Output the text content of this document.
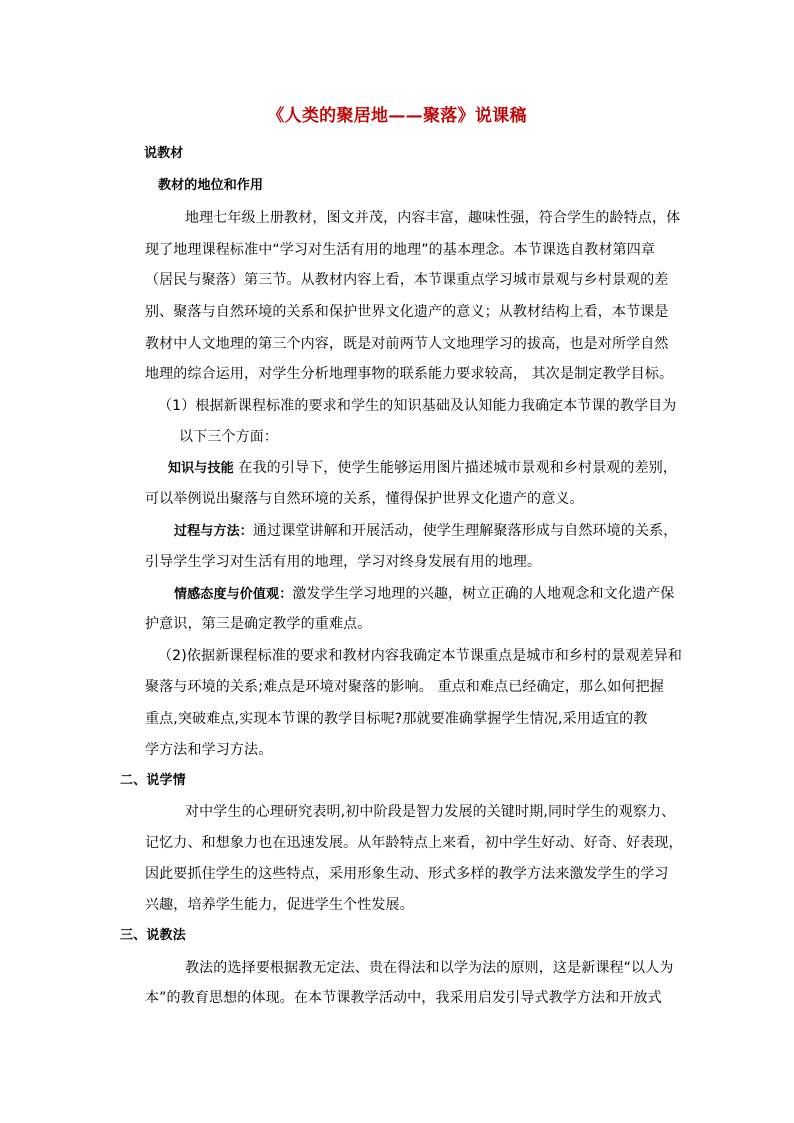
《人类的聚居地——聚落》说课稿
说教材
教材的地位和作用
地理七年级上册教材，图文并茂，内容丰富，趣味性强，符合学生的龄特点，体
现了地理课程标准中“学习对生活有用的地理”的基本理念。本节课选自教材第四章
（居民与聚落）第三节。从教材内容上看，本节课重点学习城市景观与乡村景观的差
别、聚落与自然环境的关系和保护世界文化遗产的意义；从教材结构上看，本节课是
教材中人文地理的第三个内容，既是对前两节人文地理学习的拔高，也是对所学自然
地理的综合运用，对学生分析地理事物的联系能力要求较高， 其次是制定教学目标。
（1）根据新课程标准的要求和学生的知识基础及认知能力我确定本节课的教学目为
以下三个方面：
知识与技能 在我的引导下，使学生能够运用图片描述城市景观和乡村景观的差别，
可以举例说出聚落与自然环境的关系，懂得保护世界文化遗产的意义。
过程与方法：通过课堂讲解和开展活动，使学生理解聚落形成与自然环境的关系，
引导学生学习对生活有用的地理，学习对终身发展有用的地理。
情感态度与价值观：激发学生学习地理的兴趣，树立正确的人地观念和文化遗产保
护意识，第三是确定教学的重难点。
（2)依据新课程标准的要求和教材内容我确定本节课重点是城市和乡村的景观差异和
聚落与环境的关系;难点是环境对聚落的影响。 重点和难点已经确定，那么如何把握
重点,突破难点,实现本节课的教学目标呢?那就要准确掌握学生情况,采用适宜的教
学方法和学习方法。
二、说学情
对中学生的心理研究表明,初中阶段是智力发展的关键时期,同时学生的观察力、
记忆力、和想象力也在迅速发展。从年龄特点上来看，初中学生好动、好奇、好表现，
因此要抓住学生的这些特点，采用形象生动、形式多样的教学方法来激发学生的学习
兴趣，培养学生能力，促进学生个性发展。
三、说教法
教法的选择要根据教无定法、贵在得法和以学为法的原则，这是新课程“以人为
本”的教育思想的体现。在本节课教学活动中，我采用启发引导式教学方法和开放式
